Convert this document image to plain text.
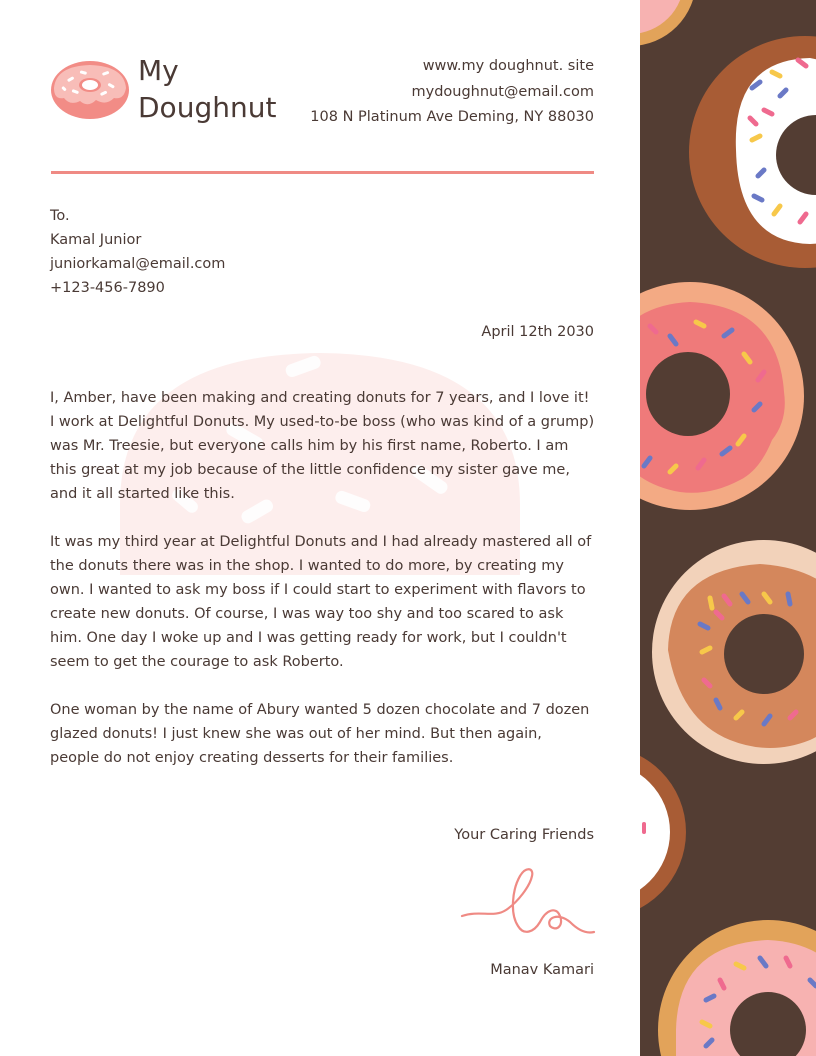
My
Doughnut
www.my doughnut. site
mydoughnut@email.com
108 N Platinum Ave Deming, NY 88030
To.
Kamal Junior
juniorkamal@email.com
+123-456-7890
April 12th 2030

I, Amber, have been making and creating donuts for 7 years, and I love it! I work at Delightful Donuts. My used-to-be boss (who was kind of a grump) was Mr. Treesie, but everyone calls him by his first name, Roberto. I am this great at my job because of the little confidence my sister gave me, and it all started like this.

It was my third year at Delightful Donuts and I had already mastered all of the donuts there was in the shop. I wanted to do more, by creating my own. I wanted to ask my boss if I could start to experiment with flavors to create new donuts. Of course, I was way too shy and too scared to ask him. One day I woke up and I was getting ready for work, but I couldn't seem to get the courage to ask Roberto.

One woman by the name of Abury wanted 5 dozen chocolate and 7 dozen glazed donuts! I just knew she was out of her mind. But then again, people do not enjoy creating desserts for their families.

Your Caring Friends
Manav Kamari
